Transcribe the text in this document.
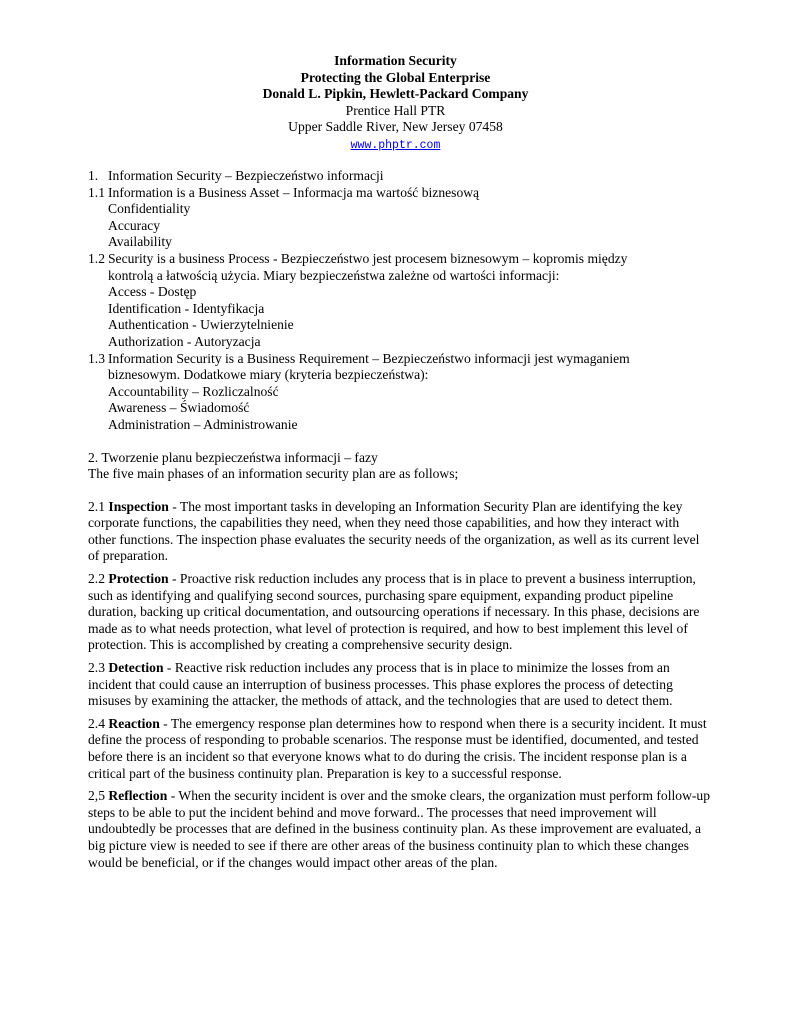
Information Security
Protecting the Global Enterprise
Donald L. Pipkin, Hewlett-Packard Company
Prentice Hall PTR
Upper Saddle River, New Jersey 07458
www.phptr.com
1. Information Security – Bezpieczeństwo informacji
1.1 Information is a Business Asset – Informacja ma wartość biznesową
Confidentiality
Accuracy
Availability
1.2 Security is a business Process - Bezpieczeństwo jest procesem biznesowym – kopromis między
kontrolą a łatwością użycia. Miary bezpieczeństwa zależne od wartości informacji:
Access - Dostęp
Identification - Identyfikacja
Authentication - Uwierzytelnienie
Authorization - Autoryzacja
1.3 Information Security is a Business Requirement – Bezpieczeństwo informacji jest wymaganiem
biznesowym. Dodatkowe miary (kryteria bezpieczeństwa):
Accountability – Rozliczalność
Awareness – Świadomość
Administration – Administrowanie
2. Tworzenie planu bezpieczeństwa informacji – fazy
The five main phases of an information security plan are as follows;
2.1 Inspection - The most important tasks in developing an Information Security Plan are identifying the key corporate functions, the capabilities they need, when they need those capabilities, and how they interact with other functions. The inspection phase evaluates the security needs of the organization, as well as its current level of preparation.
2.2 Protection - Proactive risk reduction includes any process that is in place to prevent a business interruption, such as identifying and qualifying second sources, purchasing spare equipment, expanding product pipeline duration, backing up critical documentation, and outsourcing operations if necessary. In this phase, decisions are made as to what needs protection, what level of protection is required, and how to best implement this level of protection. This is accomplished by creating a comprehensive security design.
2.3 Detection - Reactive risk reduction includes any process that is in place to minimize the losses from an incident that could cause an interruption of business processes. This phase explores the process of detecting misuses by examining the attacker, the methods of attack, and the technologies that are used to detect them.
2.4 Reaction - The emergency response plan determines how to respond when there is a security incident. It must define the process of responding to probable scenarios. The response must be identified, documented, and tested before there is an incident so that everyone knows what to do during the crisis. The incident response plan is a critical part of the business continuity plan. Preparation is key to a successful response.
2,5 Reflection - When the security incident is over and the smoke clears, the organization must perform follow-up steps to be able to put the incident behind and move forward.. The processes that need improvement will undoubtedly be processes that are defined in the business continuity plan. As these improvement are evaluated, a big picture view is needed to see if there are other areas of the business continuity plan to which these changes would be beneficial, or if the changes would impact other areas of the plan.
